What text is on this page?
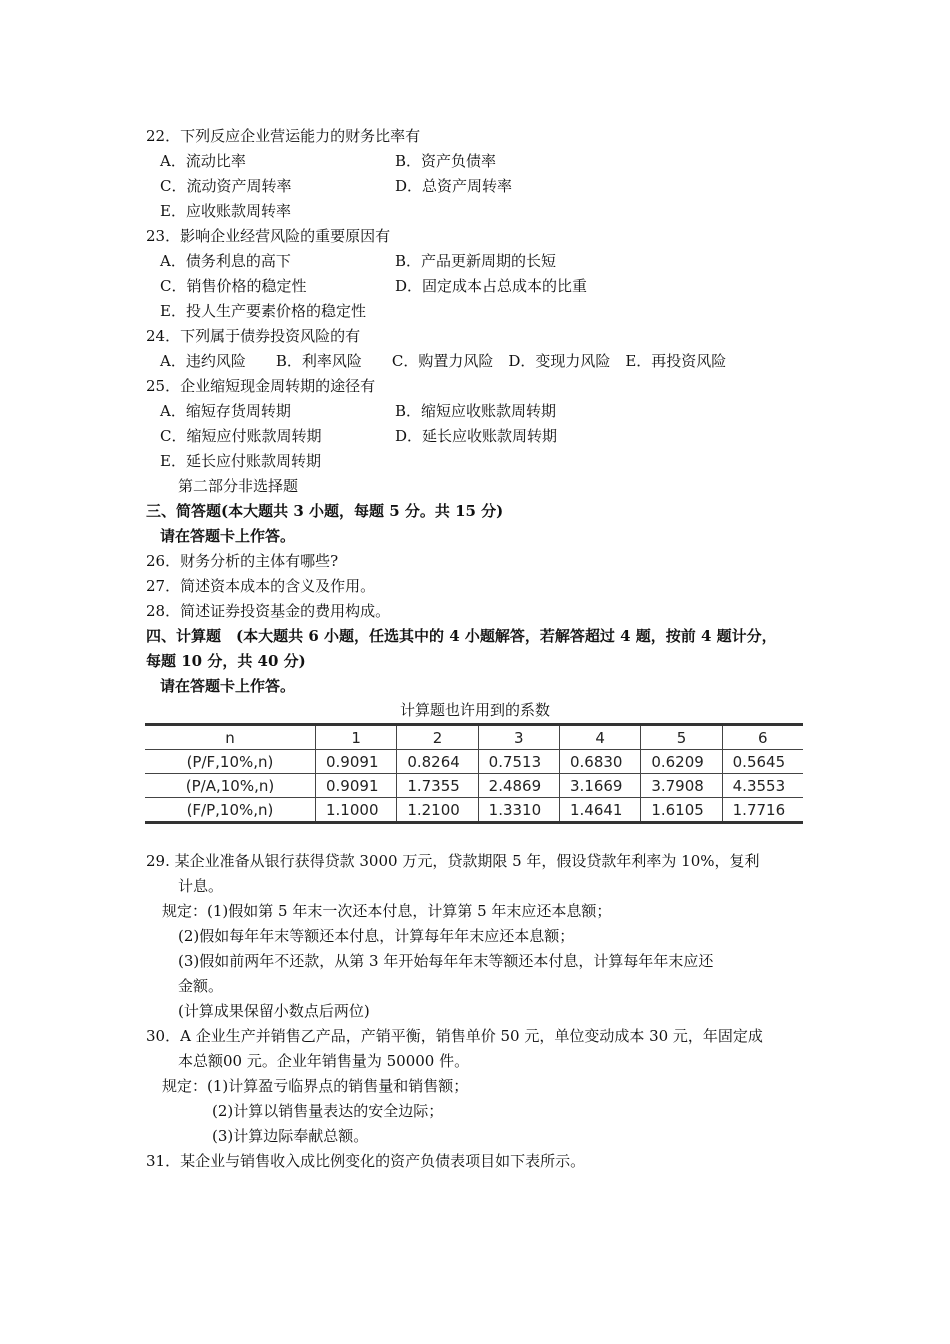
22．下列反应企业营运能力的财务比率有
A．流动比率	B．资产负债率
C．流动资产周转率	D．总资产周转率
E．应收账款周转率
23．影响企业经营风险的重要原因有
A．债务利息的高下	B．产品更新周期的长短
C．销售价格的稳定性	D．固定成本占总成本的比重
E．投人生产要素价格的稳定性
24．下列属于债券投资风险的有
A．违约风险　　B．利率风险　　C．购置力风险　D．变现力风险　E．再投资风险
25．企业缩短现金周转期的途径有
A．缩短存货周转期	B．缩短应收账款周转期
C．缩短应付账款周转期	D．延长应收账款周转期
E．延长应付账款周转期
第二部分非选择题
三、简答题(本大题共 3 小题，每题 5 分。共 15 分)
请在答题卡上作答。
26．财务分析的主体有哪些?
27．简述资本成本的含义及作用。
28．简述证券投资基金的费用构成。
四、计算题　(本大题共 6 小题，任选其中的 4 小题解答，若解答超过 4 题，按前 4 题计分，
每题 10 分，共 40 分)
请在答题卡上作答。
计算题也许用到的系数
n	1	2	3	4	5	6
(P/F,10%,n)	0.9091	0.8264	0.7513	0.6830	0.6209	0.5645
(P/A,10%,n)	0.9091	1.7355	2.4869	3.1669	3.7908	4.3553
(F/P,10%,n)	1.1000	1.2100	1.3310	1.4641	1.6105	1.7716
29. 某企业准备从银行获得贷款 3000 万元，贷款期限 5 年，假设贷款年利率为 10%，复利
计息。
规定：(1)假如第 5 年末一次还本付息，计算第 5 年末应还本息额；
(2)假如每年年末等额还本付息，计算每年年末应还本息额；
(3)假如前两年不还款，从第 3 年开始每年年末等额还本付息，计算每年年末应还
金额。
(计算成果保留小数点后两位)
30．A 企业生产并销售乙产品，产销平衡，销售单价 50 元，单位变动成本 30 元，年固定成
本总额00 元。企业年销售量为 50000 件。
规定：(1)计算盈亏临界点的销售量和销售额；
(2)计算以销售量表达的安全边际；
(3)计算边际奉献总额。
31．某企业与销售收入成比例变化的资产负债表项目如下表所示。
